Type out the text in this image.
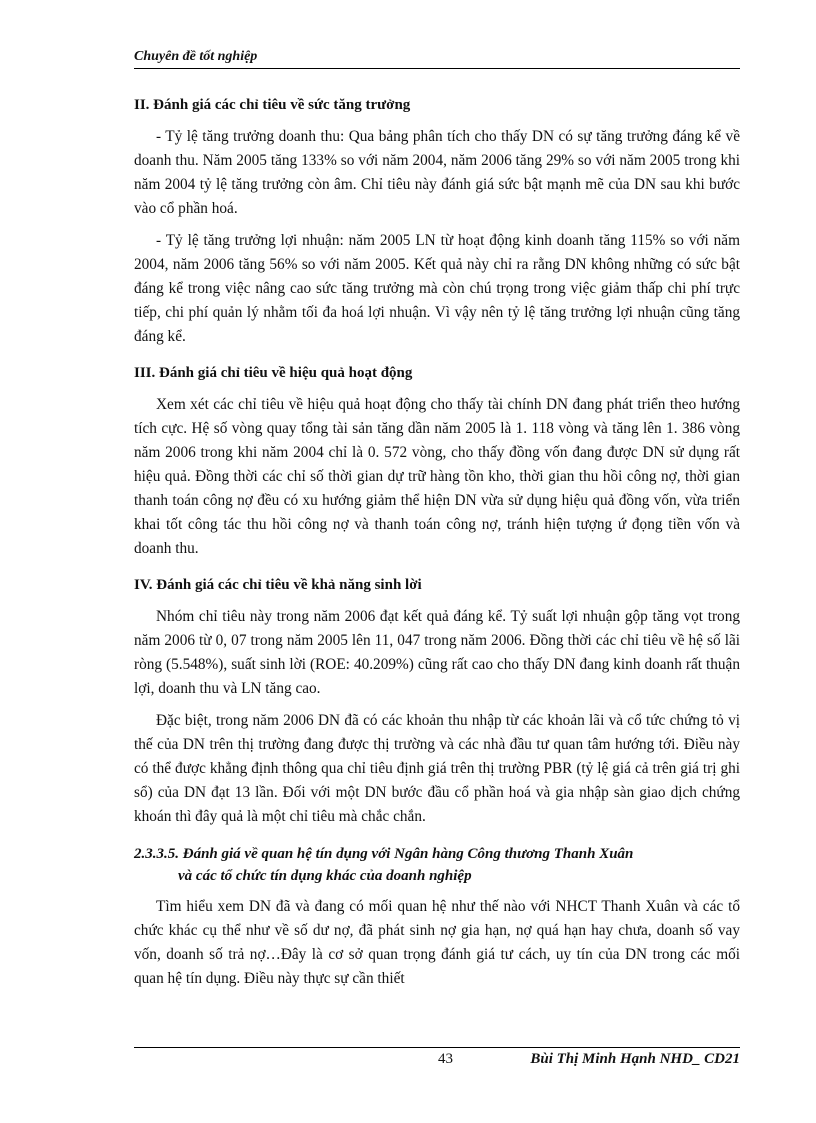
Chuyên đề tốt nghiệp
II. Đánh giá các chỉ tiêu về sức tăng trưởng

- Tỷ lệ tăng trưởng doanh thu: Qua bảng phân tích cho thấy DN có sự tăng trưởng đáng kể về doanh thu. Năm 2005 tăng 133% so với năm 2004, năm 2006 tăng 29% so với năm 2005 trong khi năm 2004 tỷ lệ tăng trưởng còn âm. Chỉ tiêu này đánh giá sức bật mạnh mẽ của DN sau khi bước vào cổ phần hoá.

- Tỷ lệ tăng trưởng lợi nhuận: năm 2005 LN từ hoạt động kinh doanh tăng 115% so với năm 2004, năm 2006 tăng 56% so với năm 2005. Kết quả này chỉ ra rằng DN không những có sức bật đáng kể trong việc nâng cao sức tăng trưởng mà còn chú trọng trong việc giảm thấp chi phí trực tiếp, chi phí quản lý nhằm tối đa hoá lợi nhuận. Vì vậy nên tỷ lệ tăng trưởng lợi nhuận cũng tăng đáng kể.

III. Đánh giá chỉ tiêu về hiệu quả hoạt động

Xem xét các chỉ tiêu về hiệu quả hoạt động cho thấy tài chính DN đang phát triển theo hướng tích cực. Hệ số vòng quay tổng tài sản tăng dần năm 2005 là 1. 118 vòng và tăng lên 1. 386 vòng năm 2006 trong khi năm 2004 chỉ là 0. 572 vòng, cho thấy đồng vốn đang được DN sử dụng rất hiệu quả. Đồng thời các chỉ số thời gian dự trữ hàng tồn kho, thời gian thu hồi công nợ, thời gian thanh toán công nợ đều có xu hướng giảm thể hiện DN vừa sử dụng hiệu quả đồng vốn, vừa triển khai tốt công tác thu hồi công nợ và thanh toán công nợ, tránh hiện tượng ứ đọng tiền vốn và doanh thu.

IV. Đánh giá các chỉ tiêu về khả năng sinh lời

Nhóm chỉ tiêu này trong năm 2006 đạt kết quả đáng kể. Tỷ suất lợi nhuận gộp tăng vọt trong năm 2006 từ 0, 07 trong năm 2005 lên 11, 047 trong năm 2006. Đồng thời các chỉ tiêu về hệ số lãi ròng (5.548%), suất sinh lời (ROE: 40.209%) cũng rất cao cho thấy DN đang kinh doanh rất thuận lợi, doanh thu và LN tăng cao.

Đặc biệt, trong năm 2006 DN đã có các khoản thu nhập từ các khoản lãi và cổ tức chứng tỏ vị thế của DN trên thị trường đang được thị trường và các nhà đầu tư quan tâm hướng tới. Điều này có thể được khẳng định thông qua chỉ tiêu định giá trên thị trường PBR (tỷ lệ giá cả trên giá trị ghi sổ) của DN đạt 13 lần. Đối với một DN bước đầu cổ phần hoá và gia nhập sàn giao dịch chứng khoán thì đây quả là một chỉ tiêu mà chắc chắn.

2.3.3.5. Đánh giá về quan hệ tín dụng với Ngân hàng Công thương Thanh Xuân
và các tổ chức tín dụng khác của doanh nghiệp

Tìm hiểu xem DN đã và đang có mối quan hệ như thế nào với NHCT Thanh Xuân và các tổ chức khác cụ thể như về số dư nợ, đã phát sinh nợ gia hạn, nợ quá hạn hay chưa, doanh số vay vốn, doanh số trả nợ…Đây là cơ sở quan trọng đánh giá tư cách, uy tín của DN trong các mối quan hệ tín dụng. Điều này thực sự cần thiết

43	Bùi Thị Minh Hạnh NHD_ CD21
